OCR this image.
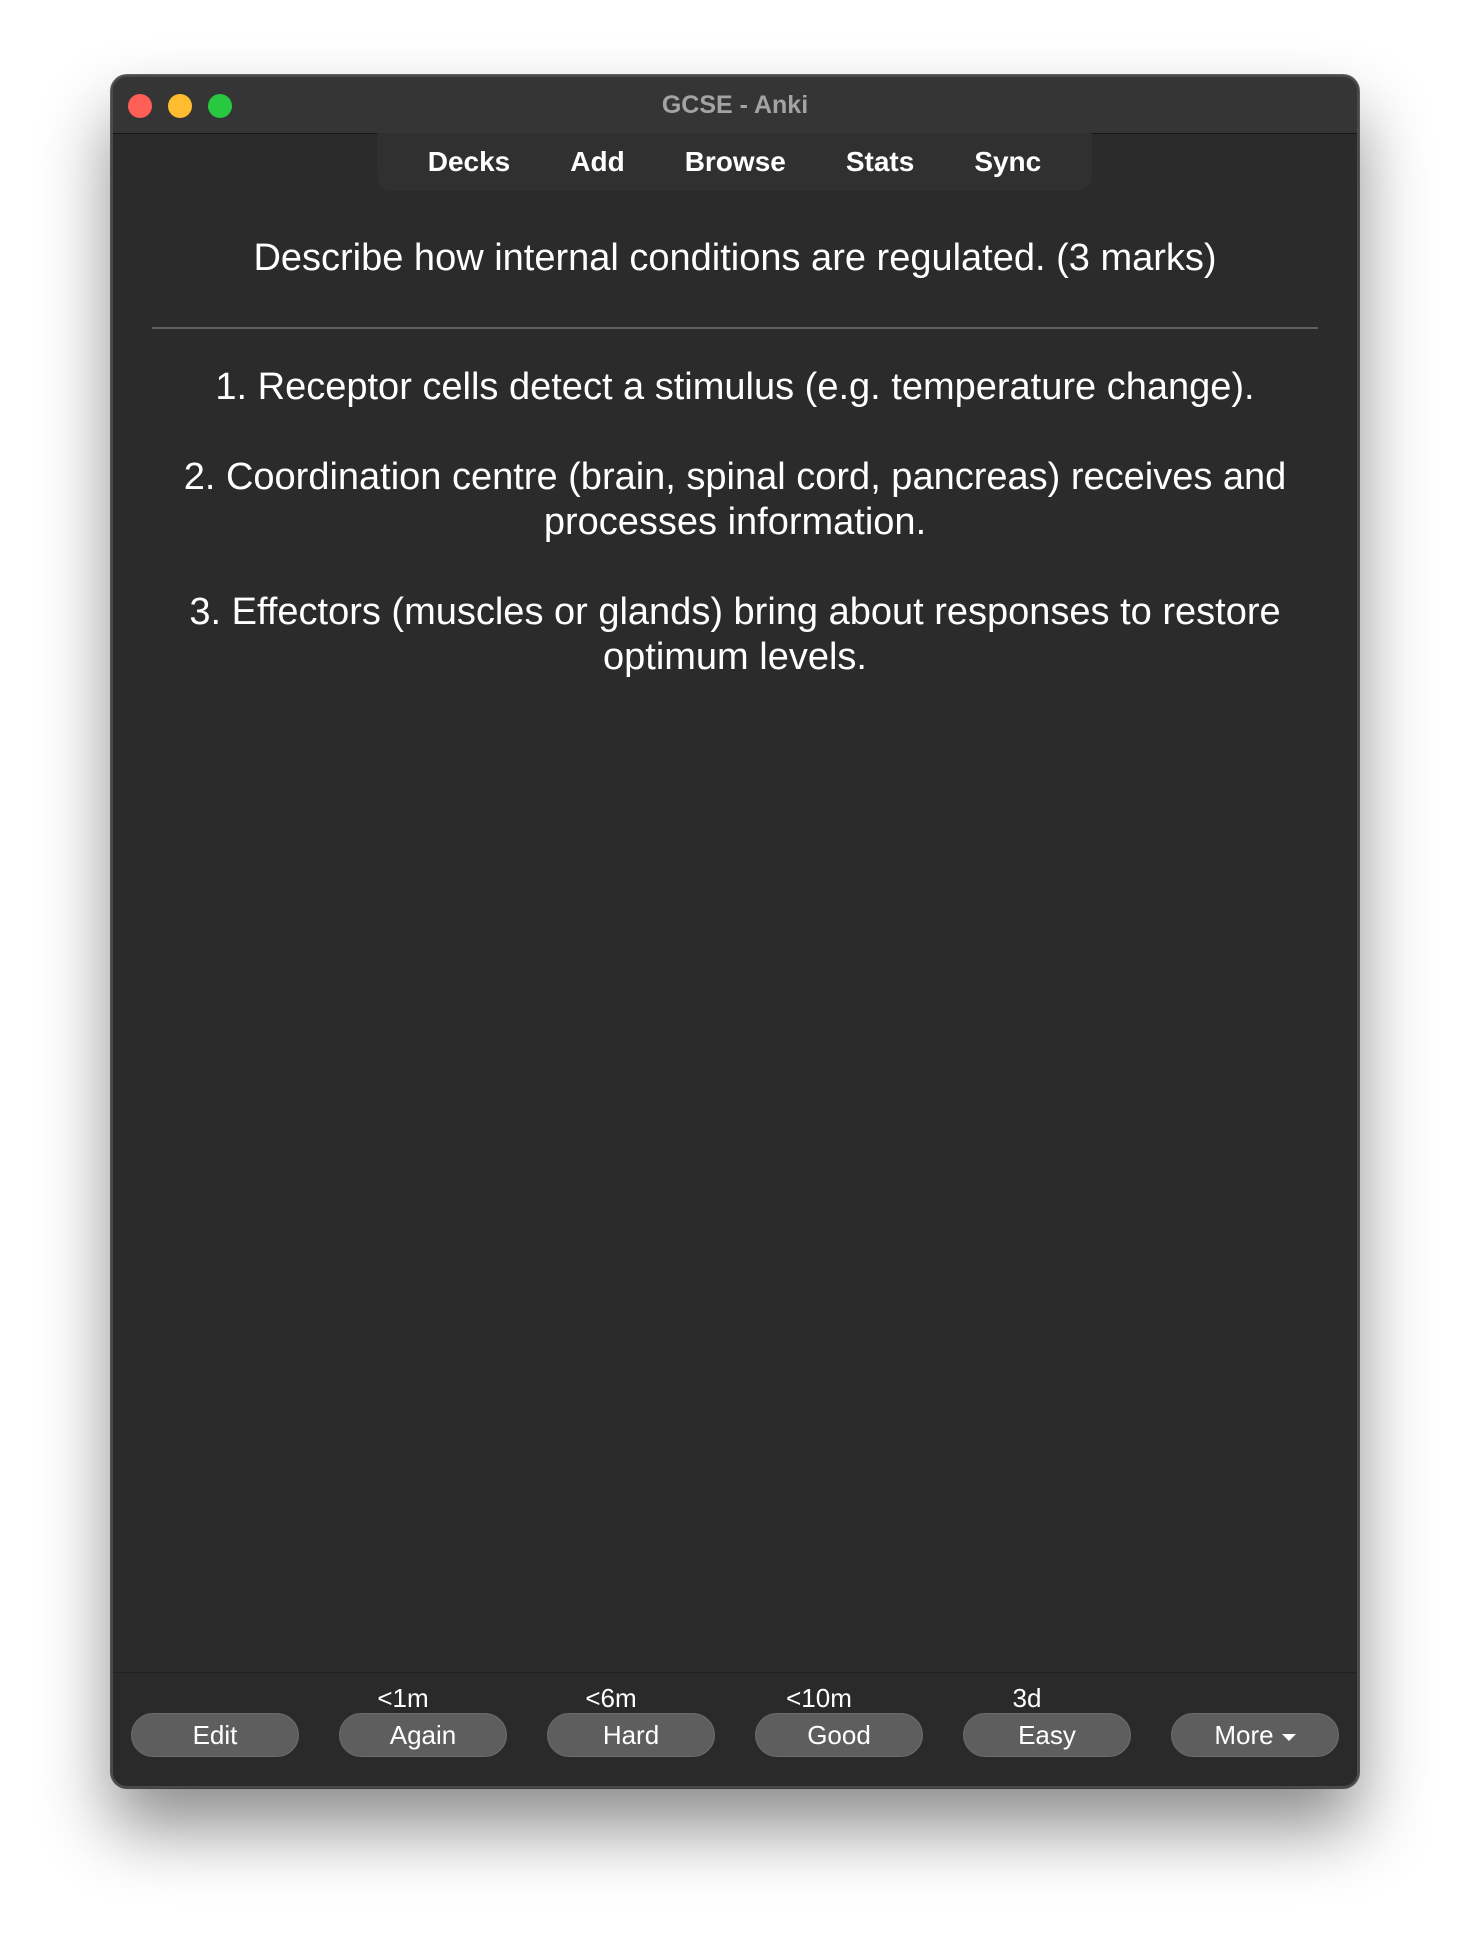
GCSE - Anki
Decks Add Browse Stats Sync
Describe how internal conditions are regulated. (3 marks)

1. Receptor cells detect a stimulus (e.g. temperature change).

2. Coordination centre (brain, spinal cord, pancreas) receives and processes information.

3. Effectors (muscles or glands) bring about responses to restore optimum levels.

<1m	<6m	<10m	3d
Edit	Again	Hard	Good	Easy	More
